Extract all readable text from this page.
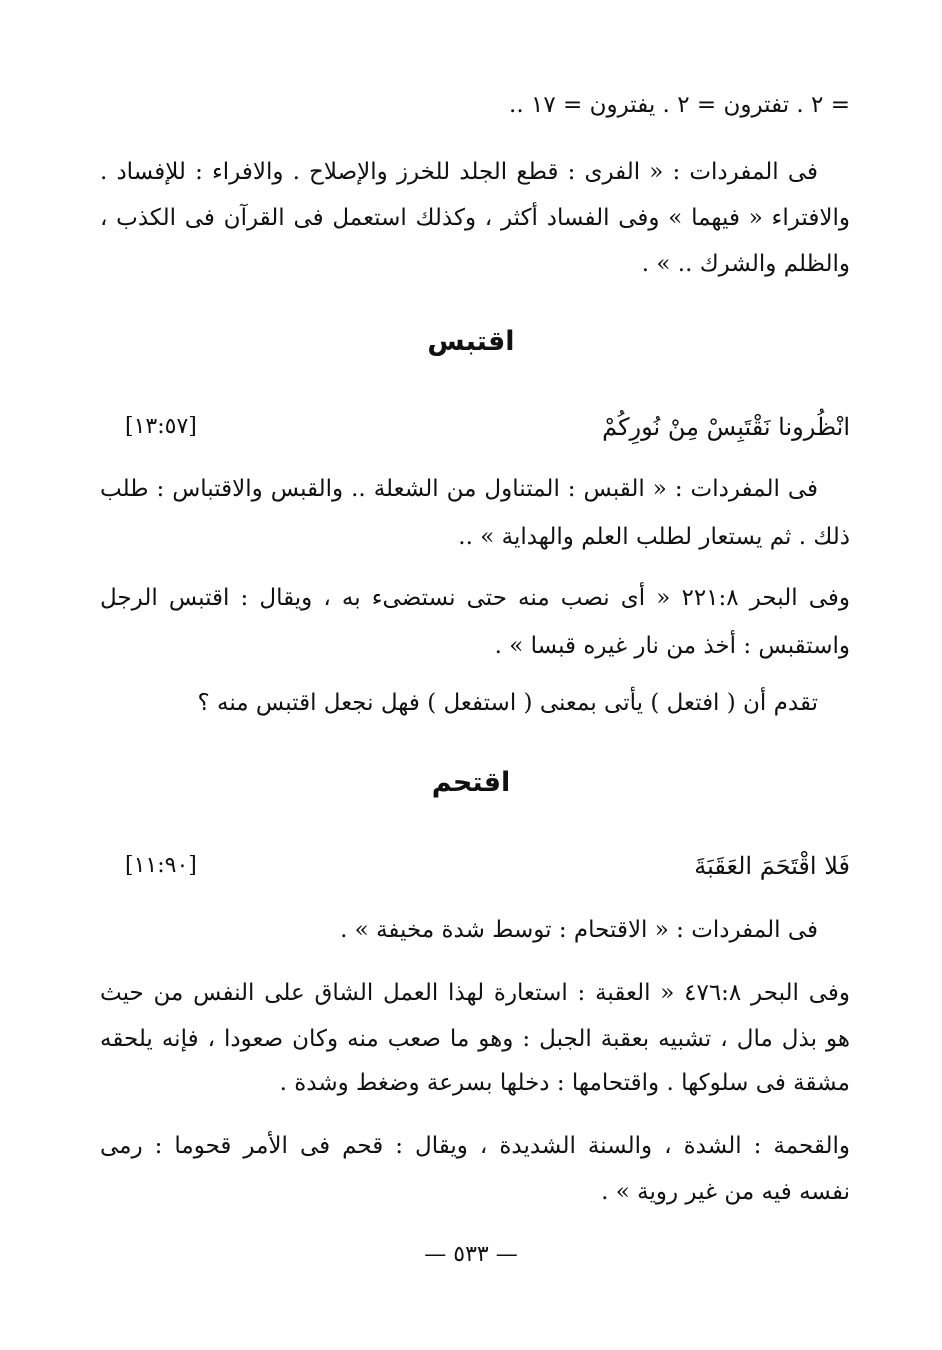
= ٢ . تفترون = ٢ . يفترون = ١٧ ..
فى المفردات : « الفرى : قطع الجلد للخرز والإصلاح . والافراء : للإفساد .
والافتراء « فيهما » وفى الفساد أكثر ، وكذلك استعمل فى القرآن فى الكذب ،
والظلم والشرك .. » .
اقتبس
انْظُرونا نَقْتَبِسْ مِنْ نُورِكُمْ
[١٣:٥٧]
فى المفردات : « القبس : المتناول من الشعلة .. والقبس والاقتباس : طلب
ذلك . ثم يستعار لطلب العلم والهداية » ..
وفى البحر ٢٢١:٨ « أى نصب منه حتى نستضىء به ، ويقال : اقتبس الرجل
واستقبس : أخذ من نار غيره قبسا » .
تقدم أن ( افتعل ) يأتى بمعنى ( استفعل ) فهل نجعل اقتبس منه ؟
اقتحم
فَلا اقْتَحَمَ العَقَبَةَ
[١١:٩٠]
فى المفردات : « الاقتحام : توسط شدة مخيفة » .
وفى البحر ٤٧٦:٨ « العقبة : استعارة لهذا العمل الشاق على النفس من حيث
هو بذل مال ، تشبيه بعقبة الجبل : وهو ما صعب منه وكان صعودا ، فإنه يلحقه
مشقة فى سلوكها . واقتحامها : دخلها بسرعة وضغط وشدة .
والقحمة : الشدة ، والسنة الشديدة ، ويقال : قحم فى الأمر قحوما : رمى
نفسه فيه من غير روية » .
— ٥٣٣ —
